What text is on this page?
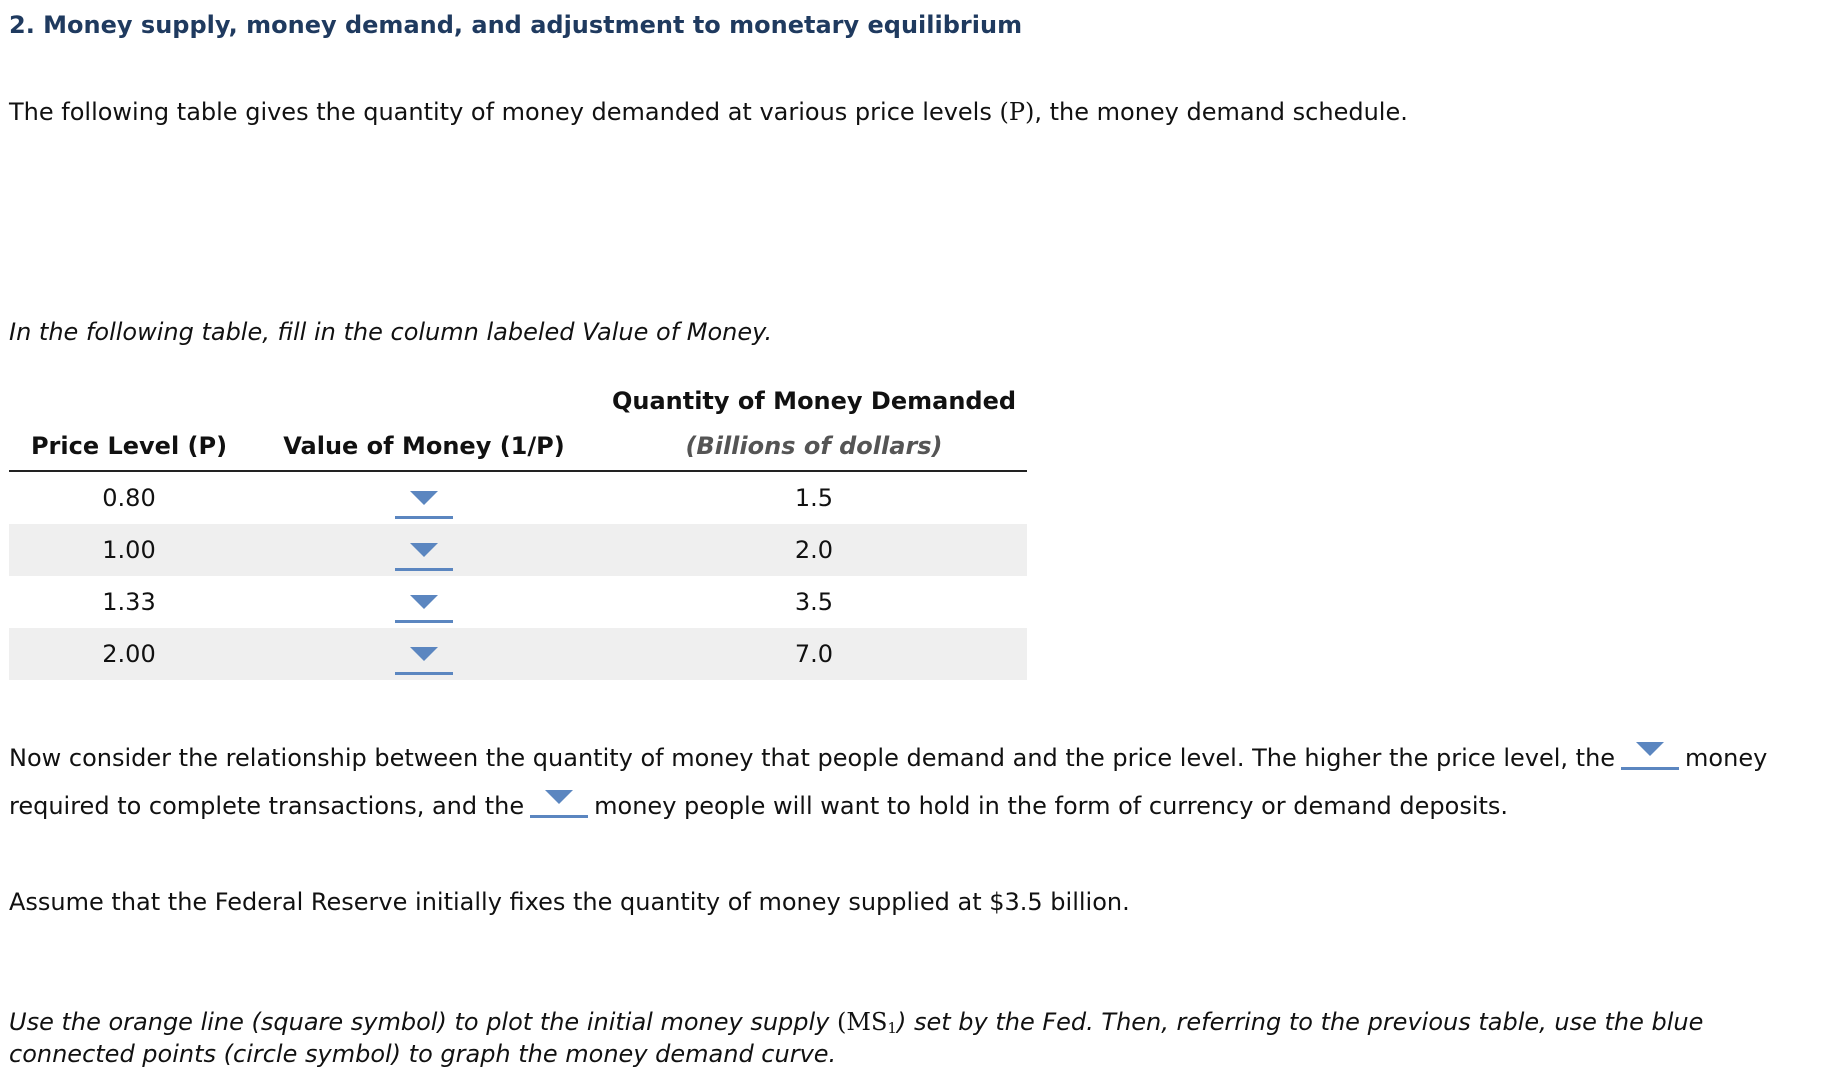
2. Money supply, money demand, and adjustment to monetary equilibrium

The following table gives the quantity of money demanded at various price levels (P), the money demand schedule.

In the following table, fill in the column labeled Value of Money.

Price Level (P)	Value of Money (1/P)
Quantity of Money Demanded
(Billions of dollars)
0.80	1.5
1.00	2.0
1.33	3.5
2.00	7.0

Now consider the relationship between the quantity of money that people demand and the price level. The higher the price level, the	money

required to complete transactions, and the	money people will want to hold in the form of currency or demand deposits.

Assume that the Federal Reserve initially fixes the quantity of money supplied at $3.5 billion.

Use the orange line (square symbol) to plot the initial money supply $(MS_1)$ set by the Fed. Then, referring to the previous table, use the blue

connected points (circle symbol) to graph the money demand curve.
